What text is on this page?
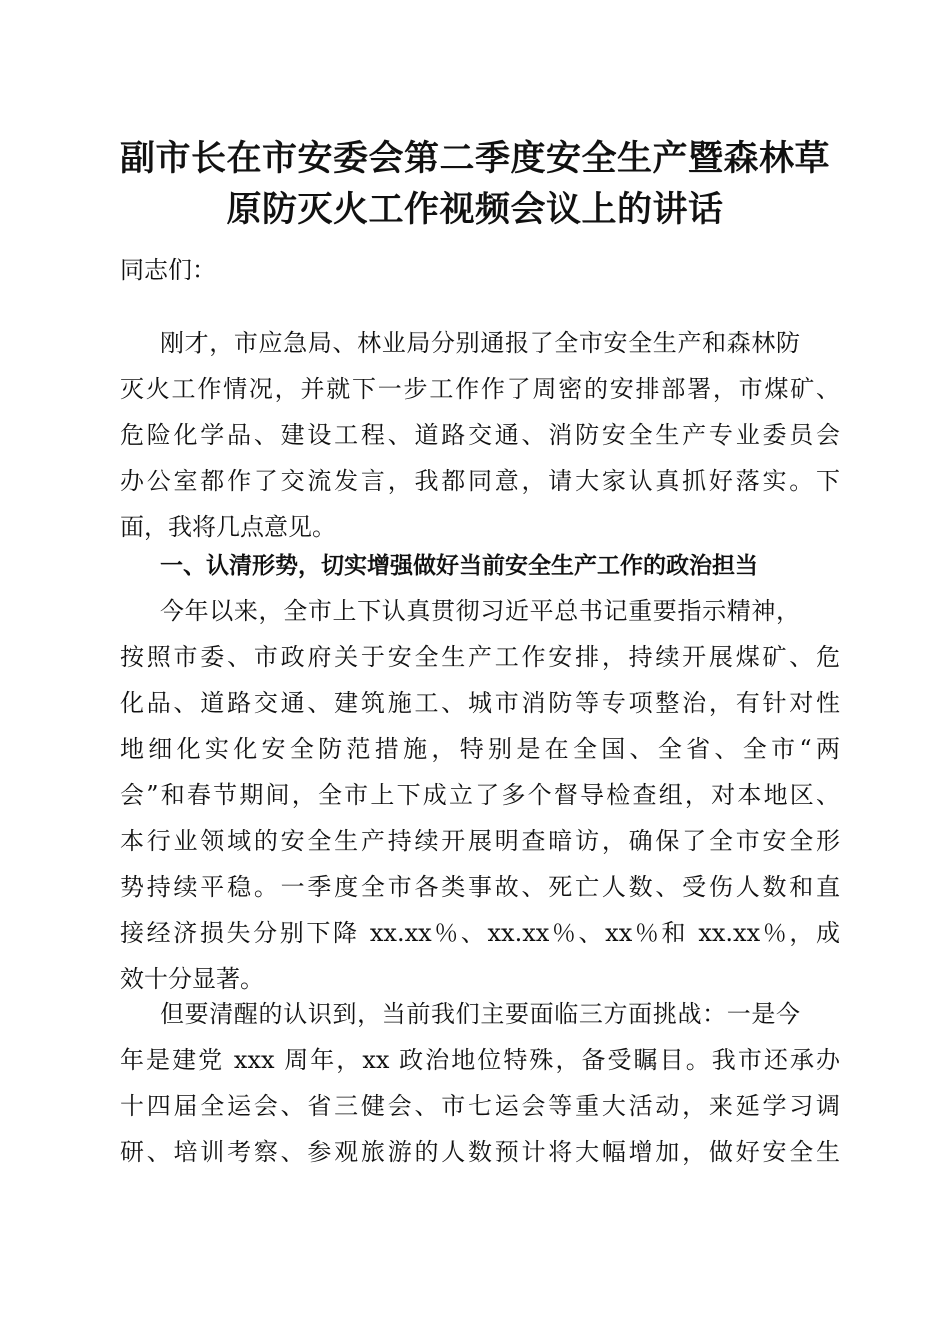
副市长在市安委会第二季度安全生产暨森林草
原防灭火工作视频会议上的讲话
同志们：
刚才，市应急局、林业局分别通报了全市安全生产和森林防
灭火工作情况，并就下一步工作作了周密的安排部署，市煤矿、
危险化学品、建设工程、道路交通、消防安全生产专业委员会
办公室都作了交流发言，我都同意，请大家认真抓好落实。下
面，我将几点意见。
一、认清形势，切实增强做好当前安全生产工作的政治担当
今年以来，全市上下认真贯彻习近平总书记重要指示精神，
按照市委、市政府关于安全生产工作安排，持续开展煤矿、危
化品、道路交通、建筑施工、城市消防等专项整治，有针对性
地细化实化安全防范措施，特别是在全国、全省、全市“两
会”和春节期间，全市上下成立了多个督导检查组，对本地区、
本行业领域的安全生产持续开展明查暗访，确保了全市安全形
势持续平稳。一季度全市各类事故、死亡人数、受伤人数和直
接经济损失分别下降 xx.xx％、xx.xx％、xx％和 xx.xx％，成
效十分显著。
但要清醒的认识到，当前我们主要面临三方面挑战：一是今
年是建党 xxx 周年，xx 政治地位特殊，备受瞩目。我市还承办
十四届全运会、省三健会、市七运会等重大活动，来延学习调
研、培训考察、参观旅游的人数预计将大幅增加，做好安全生
